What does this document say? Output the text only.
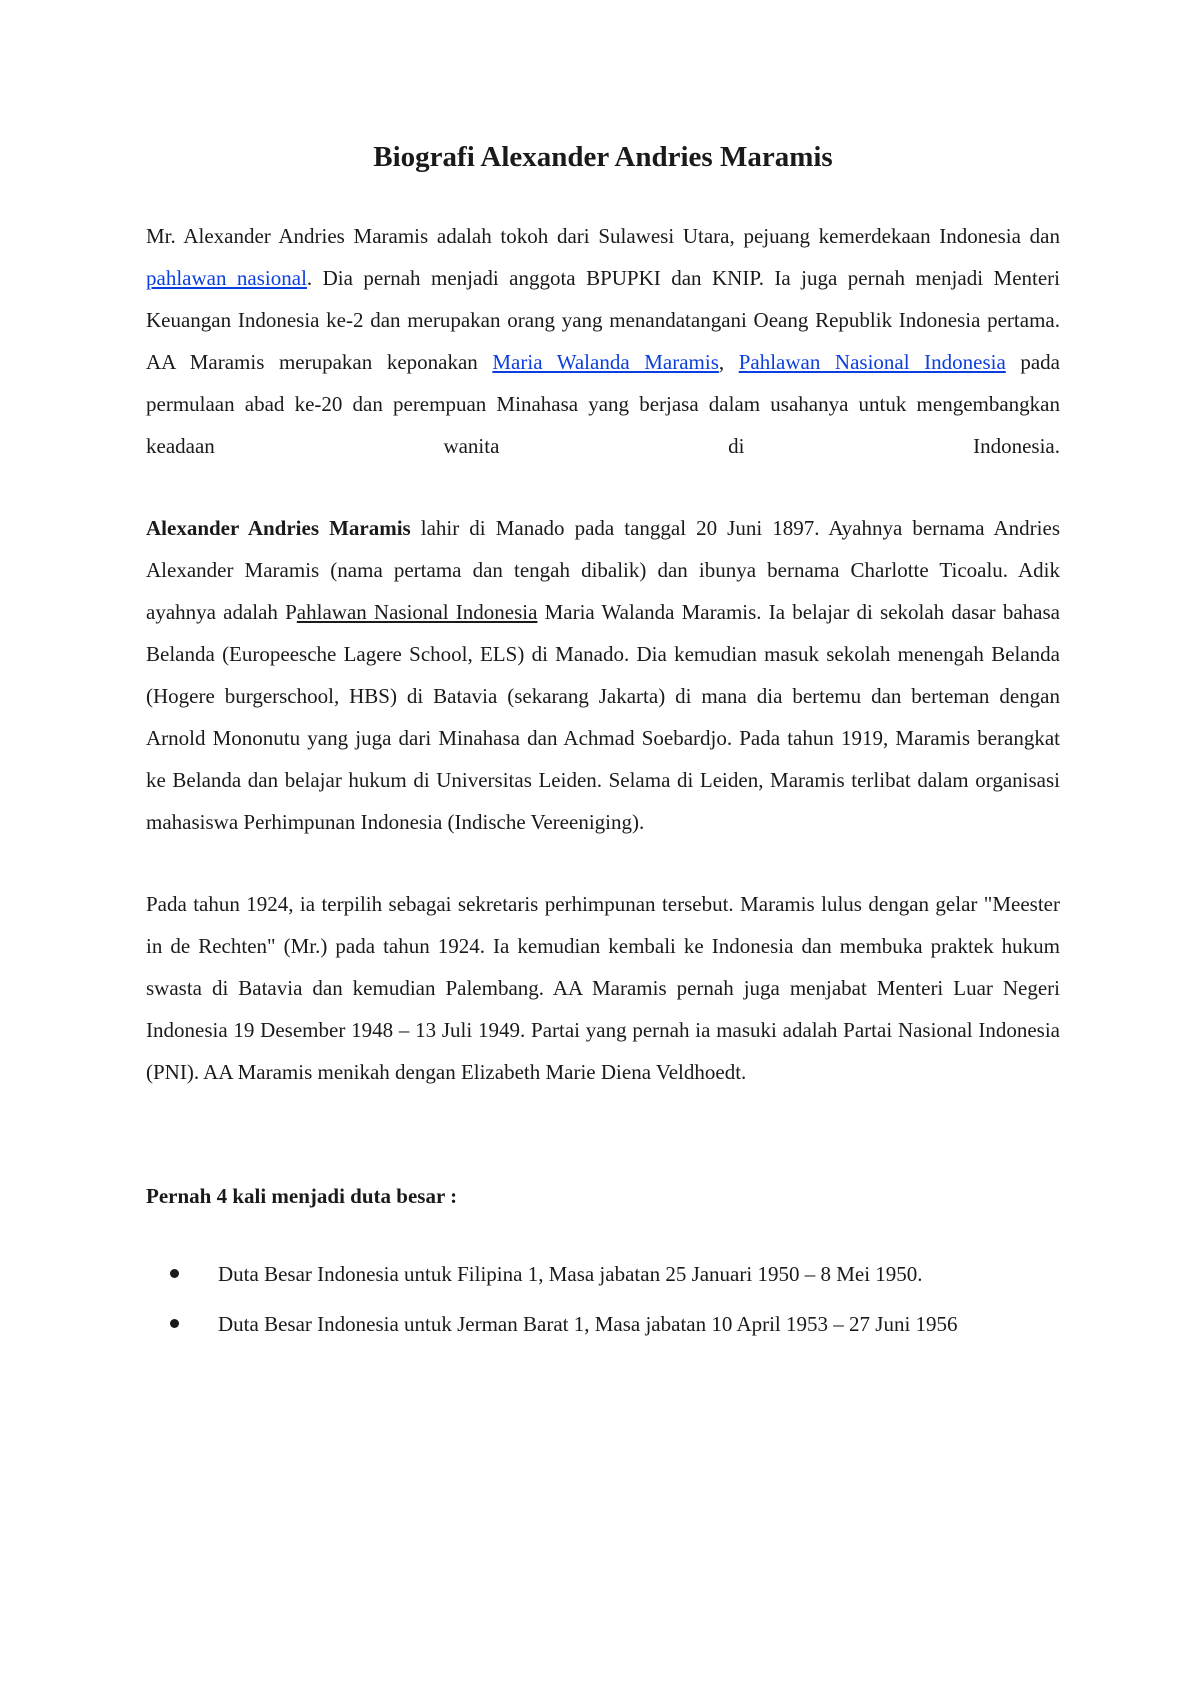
Biografi Alexander Andries Maramis

Mr. Alexander Andries Maramis adalah tokoh dari Sulawesi Utara, pejuang kemerdekaan Indonesia dan pahlawan nasional. Dia pernah menjadi anggota BPUPKI dan KNIP. Ia juga pernah menjadi Menteri Keuangan Indonesia ke-2 dan merupakan orang yang menandatangani Oeang Republik Indonesia pertama. AA Maramis merupakan keponakan Maria Walanda Maramis, Pahlawan Nasional Indonesia pada permulaan abad ke-20 dan perempuan Minahasa yang berjasa dalam usahanya untuk mengembangkan keadaan wanita di Indonesia.

Alexander Andries Maramis lahir di Manado pada tanggal 20 Juni 1897. Ayahnya bernama Andries Alexander Maramis (nama pertama dan tengah dibalik) dan ibunya bernama Charlotte Ticoalu. Adik ayahnya adalah Pahlawan Nasional Indonesia Maria Walanda Maramis. Ia belajar di sekolah dasar bahasa Belanda (Europeesche Lagere School, ELS) di Manado. Dia kemudian masuk sekolah menengah Belanda (Hogere burgerschool, HBS) di Batavia (sekarang Jakarta) di mana dia bertemu dan berteman dengan Arnold Mononutu yang juga dari Minahasa dan Achmad Soebardjo. Pada tahun 1919, Maramis berangkat ke Belanda dan belajar hukum di Universitas Leiden. Selama di Leiden, Maramis terlibat dalam organisasi mahasiswa Perhimpunan Indonesia (Indische Vereeniging).

Pada tahun 1924, ia terpilih sebagai sekretaris perhimpunan tersebut. Maramis lulus dengan gelar "Meester in de Rechten" (Mr.) pada tahun 1924. Ia kemudian kembali ke Indonesia dan membuka praktek hukum swasta di Batavia dan kemudian Palembang. AA Maramis pernah juga menjabat Menteri Luar Negeri Indonesia 19 Desember 1948 – 13 Juli 1949. Partai yang pernah ia masuki adalah Partai Nasional Indonesia (PNI). AA Maramis menikah dengan Elizabeth Marie Diena Veldhoedt.

Pernah 4 kali menjadi duta besar :
Duta Besar Indonesia untuk Filipina 1, Masa jabatan 25 Januari 1950 – 8 Mei 1950.
Duta Besar Indonesia untuk Jerman Barat 1, Masa jabatan 10 April 1953 – 27 Juni 1956
